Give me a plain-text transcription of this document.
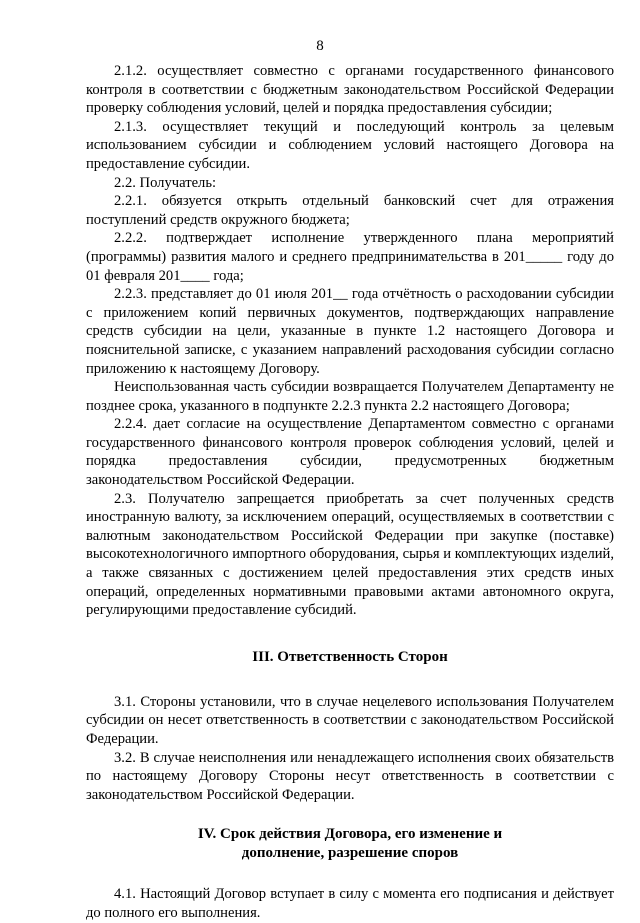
8

2.1.2. осуществляет совместно с органами государственного финансового контроля в соответствии с бюджетным законодательством Российской Федерации проверку соблюдения условий, целей и порядка предоставления субсидии;

2.1.3. осуществляет текущий и последующий контроль за целевым использованием субсидии и соблюдением условий настоящего Договора на предоставление субсидии.

2.2. Получатель:

2.2.1. обязуется открыть отдельный банковский счет для отражения поступлений средств окружного бюджета;

2.2.2. подтверждает исполнение утвержденного плана мероприятий (программы) развития малого и среднего предпринимательства в 201_____ году до 01 февраля 201____ года;

2.2.3. представляет до 01 июля 201__ года отчётность о расходовании субсидии с приложением копий первичных документов, подтверждающих направление средств субсидии на цели, указанные в пункте 1.2 настоящего Договора и пояснительной записке, с указанием направлений расходования субсидии согласно приложению к настоящему Договору.

Неиспользованная часть субсидии возвращается Получателем Департаменту не позднее срока, указанного в подпункте 2.2.3 пункта 2.2 настоящего Договора;

2.2.4. дает согласие на осуществление Департаментом совместно с органами государственного финансового контроля проверок соблюдения условий, целей и порядка предоставления субсидии, предусмотренных бюджетным законодательством Российской Федерации.

2.3. Получателю запрещается приобретать за счет полученных средств иностранную валюту, за исключением операций, осуществляемых в соответствии с валютным законодательством Российской Федерации при закупке (поставке) высокотехнологичного импортного оборудования, сырья и комплектующих изделий, а также связанных с достижением целей предоставления этих средств иных операций, определенных нормативными правовыми актами автономного округа, регулирующими предоставление субсидий.

III. Ответственность Сторон

3.1. Стороны установили, что в случае нецелевого использования Получателем субсидии он несет ответственность в соответствии с законодательством Российской Федерации.

3.2. В случае неисполнения или ненадлежащего исполнения своих обязательств по настоящему Договору Стороны несут ответственность в соответствии с законодательством Российской Федерации.

IV. Срок действия Договора, его изменение и

дополнение, разрешение споров

4.1. Настоящий Договор вступает в силу с момента его подписания и действует до полного его выполнения.
